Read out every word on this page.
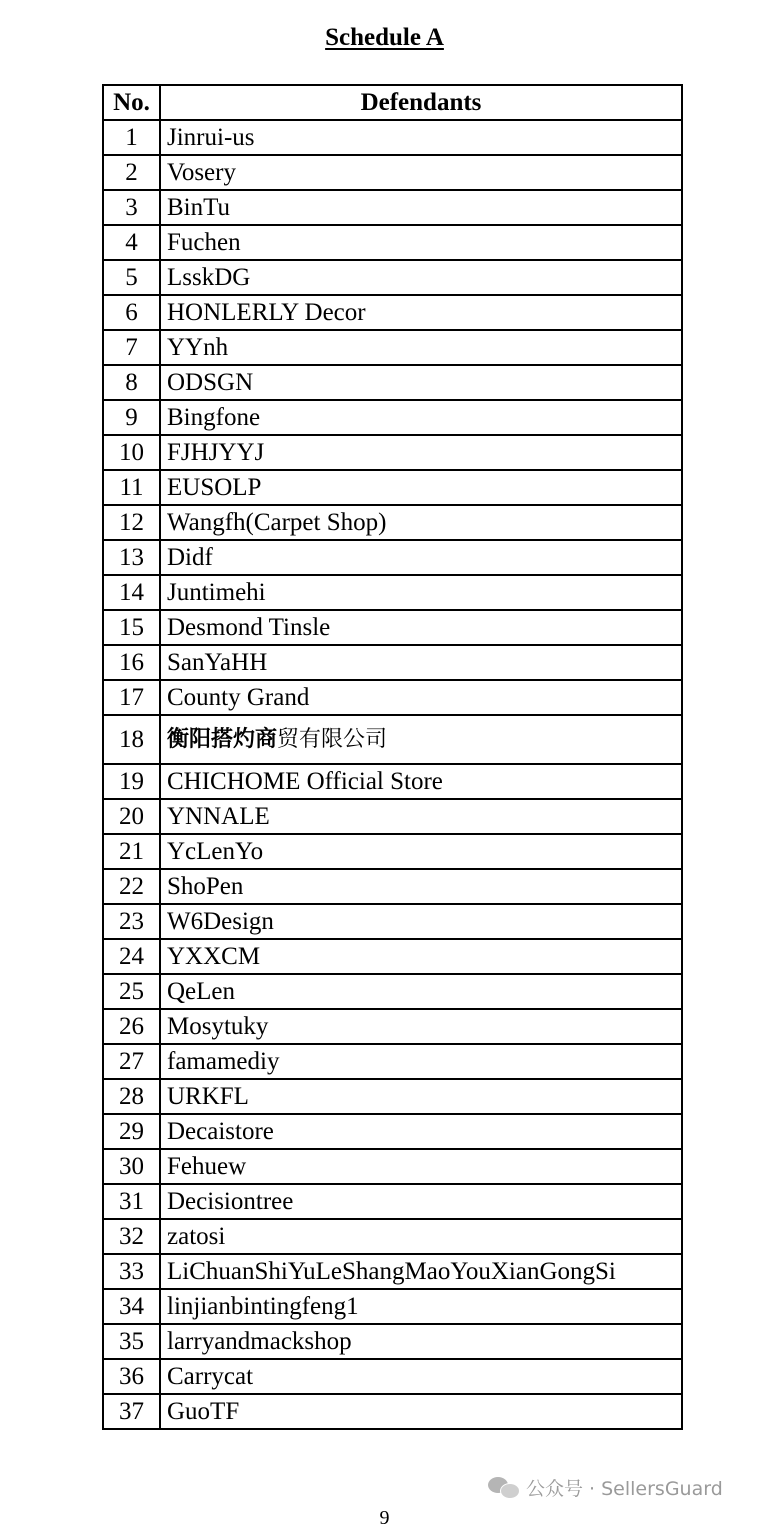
Schedule A
No.	Defendants
1	Jinrui-us
2	Vosery
3	BinTu
4	Fuchen
5	LsskDG
6	HONLERLY Decor
7	YYnh
8	ODSGN
9	Bingfone
10	FJHJYYJ
11	EUSOLP
12	Wangfh(Carpet Shop)
13	Didf
14	Juntimehi
15	Desmond Tinsle
16	SanYaHH
17	County Grand
18	衡阳搭灼商贸有限公司
19	CHICHOME Official Store
20	YNNALE
21	YcLenYo
22	ShoPen
23	W6Design
24	YXXCM
25	QeLen
26	Mosytuky
27	famamediy
28	URKFL
29	Decaistore
30	Fehuew
31	Decisiontree
32	zatosi
33	LiChuanShiYuLeShangMaoYouXianGongSi
34	linjianbintingfeng1
35	larryandmackshop
36	Carrycat
37	GuoTF
公众号 · SellersGuard
9
